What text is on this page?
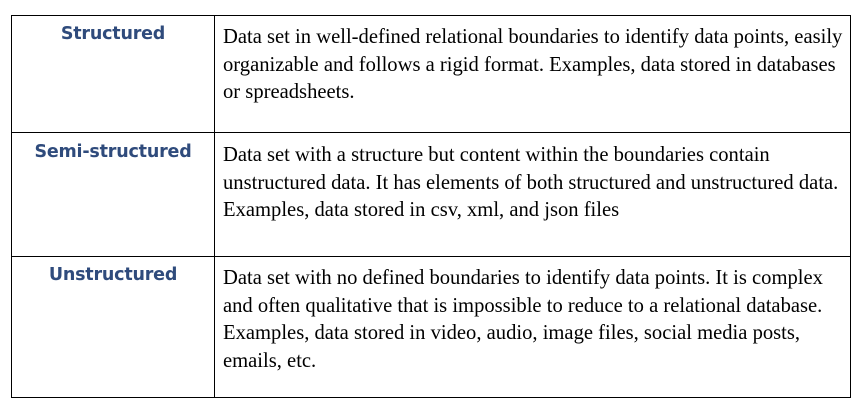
Structured	Data set in well-defined relational boundaries to identify data points, easily organizable and follows a rigid format. Examples, data stored in databases or spreadsheets.

Semi-structured	Data set with a structure but content within the boundaries contain unstructured data. It has elements of both structured and unstructured data. Examples, data stored in csv, xml, and json files

Unstructured	Data set with no defined boundaries to identify data points. It is complex and often qualitative that is impossible to reduce to a relational database. Examples, data stored in video, audio, image files, social media posts, emails, etc.
